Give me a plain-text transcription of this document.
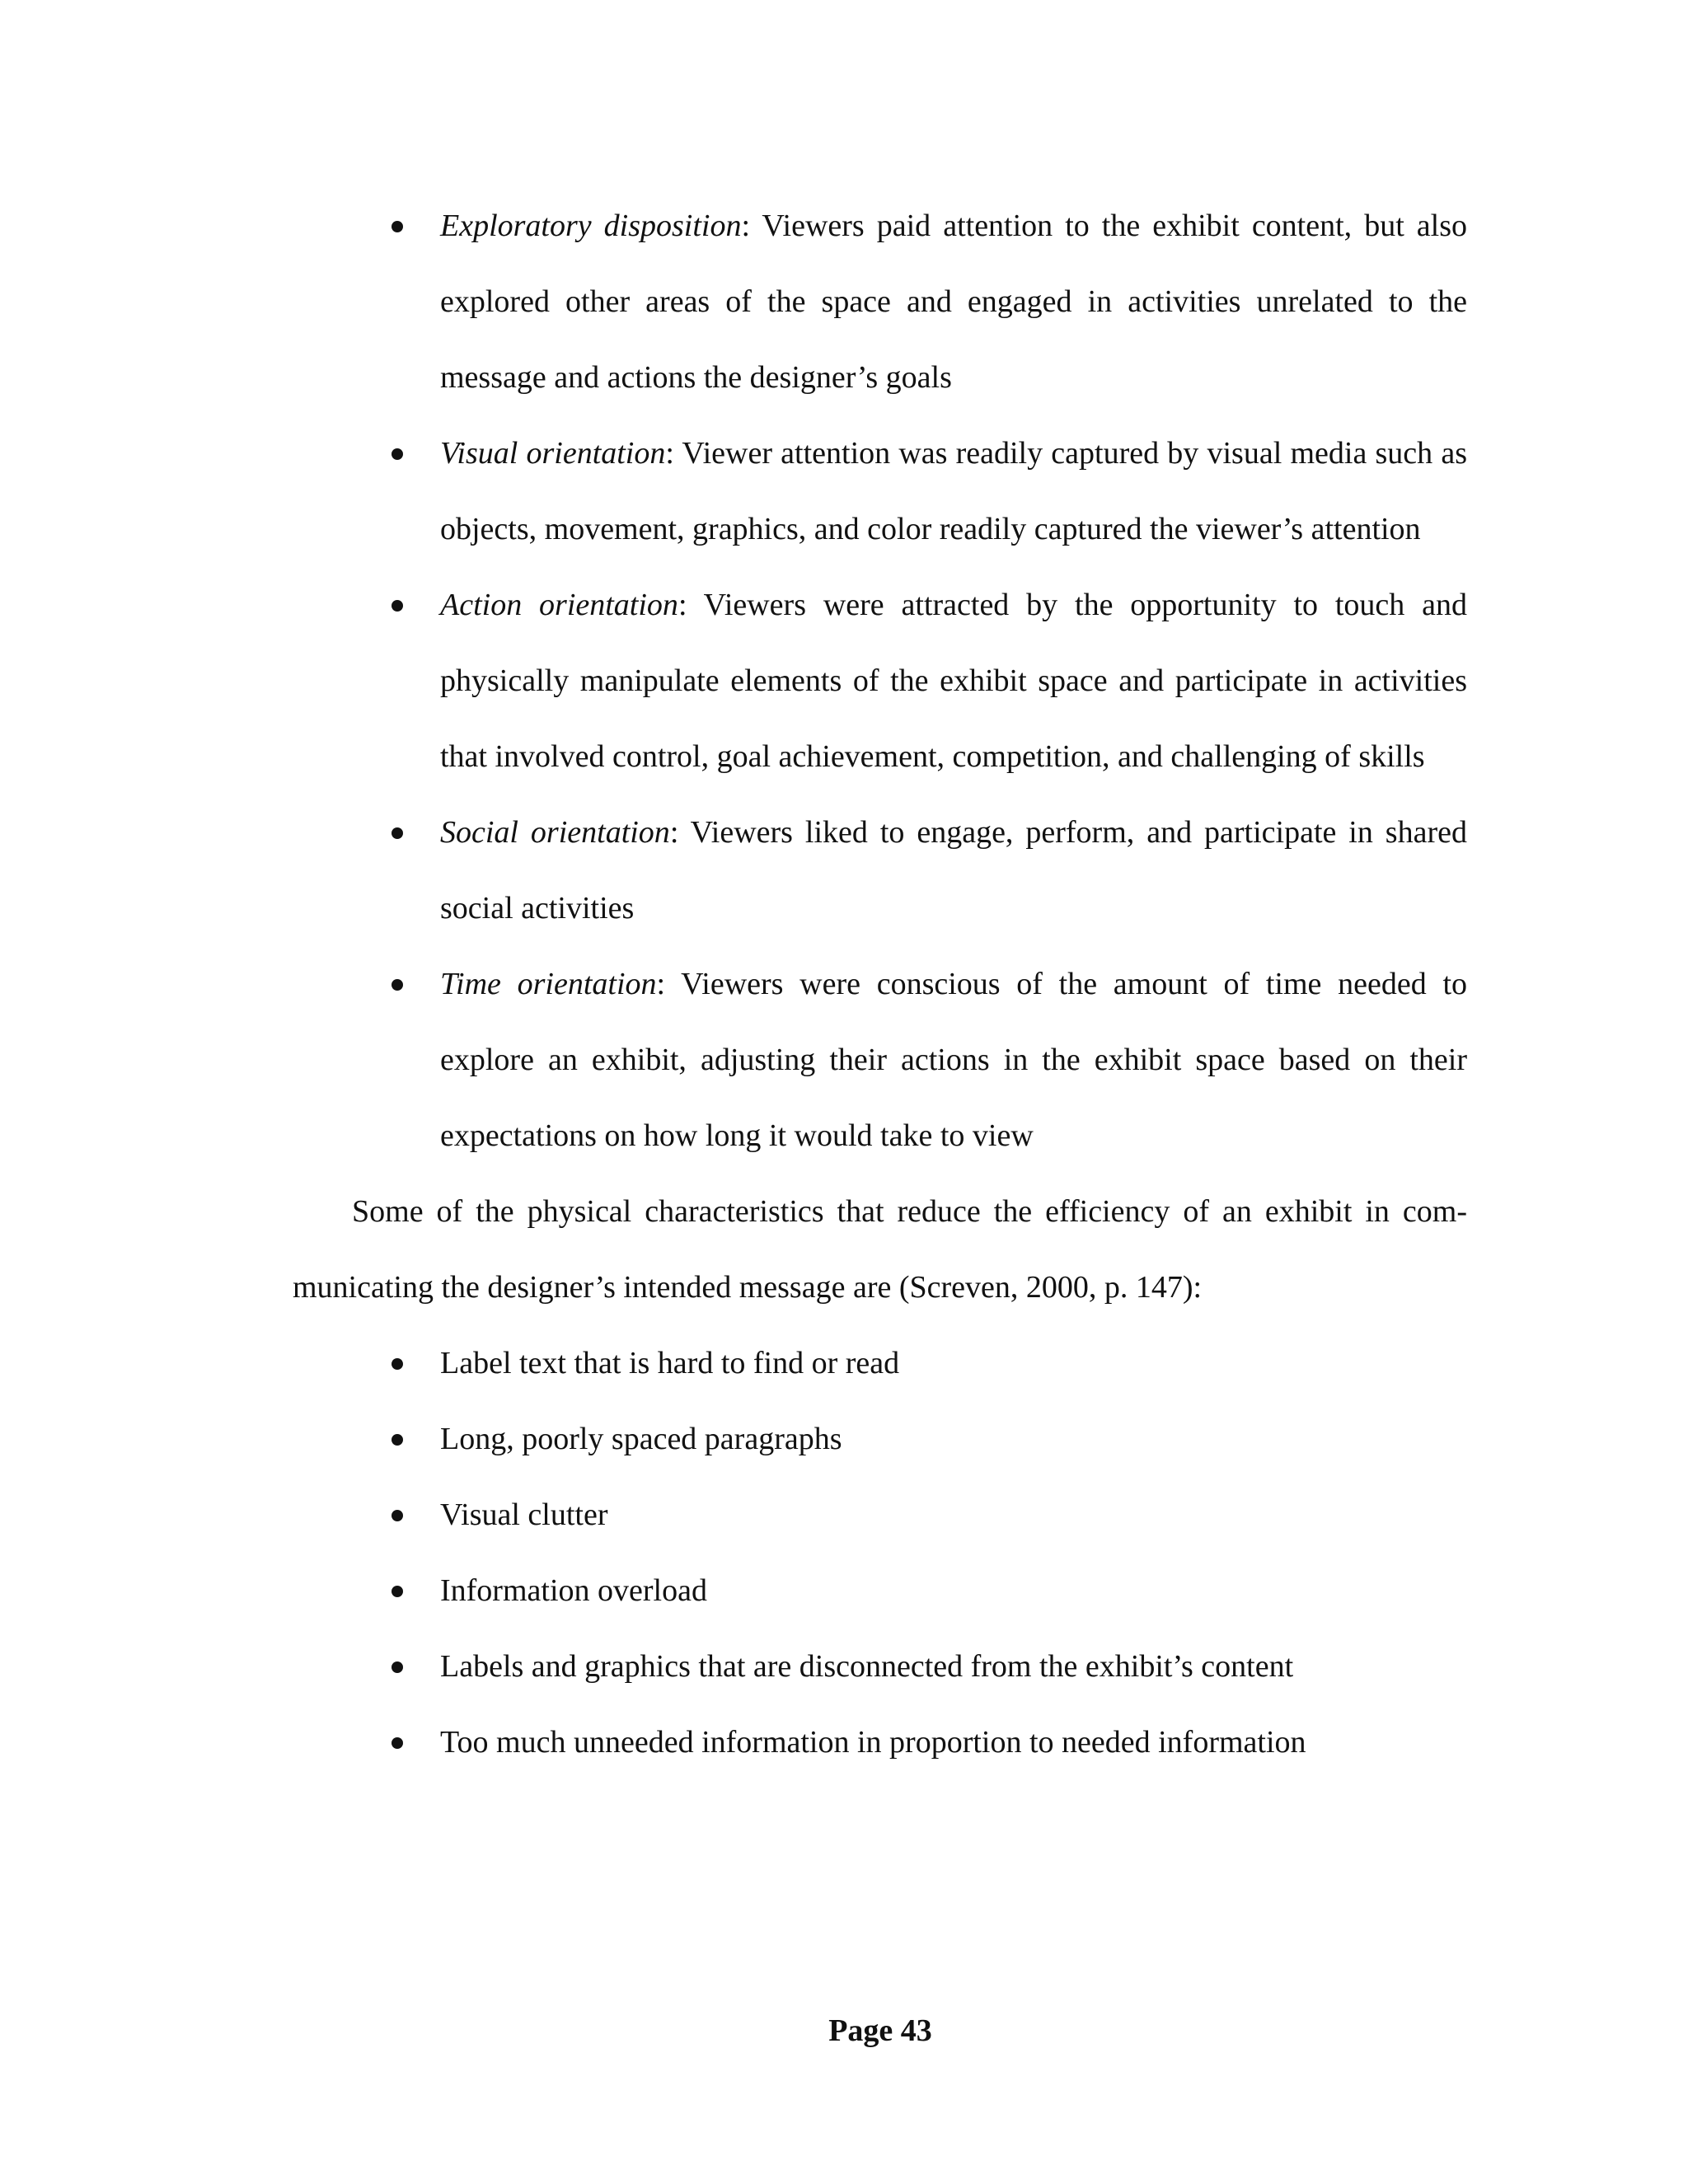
Exploratory disposition: Viewers paid attention to the exhibit content, but also explored other areas of the space and engaged in activities unrelated to the message and actions the designer’s goals
Visual orientation: Viewer attention was readily captured by visual media such as objects, movement, graphics, and color readily captured the viewer’s attention
Action orientation: Viewers were attracted by the opportunity to touch and physically manipulate elements of the exhibit space and participate in activities that involved control, goal achievement, competition, and challenging of skills
Social orientation: Viewers liked to engage, perform, and participate in shared social activities
Time orientation: Viewers were conscious of the amount of time needed to explore an exhibit, adjusting their actions in the exhibit space based on their expectations on how long it would take to view

Some of the physical characteristics that reduce the efficiency of an exhibit in communicating the designer’s intended message are (Screven, 2000, p. 147):

Label text that is hard to find or read
Long, poorly spaced paragraphs
Visual clutter
Information overload
Labels and graphics that are disconnected from the exhibit’s content
Too much unneeded information in proportion to needed information
Page 43
